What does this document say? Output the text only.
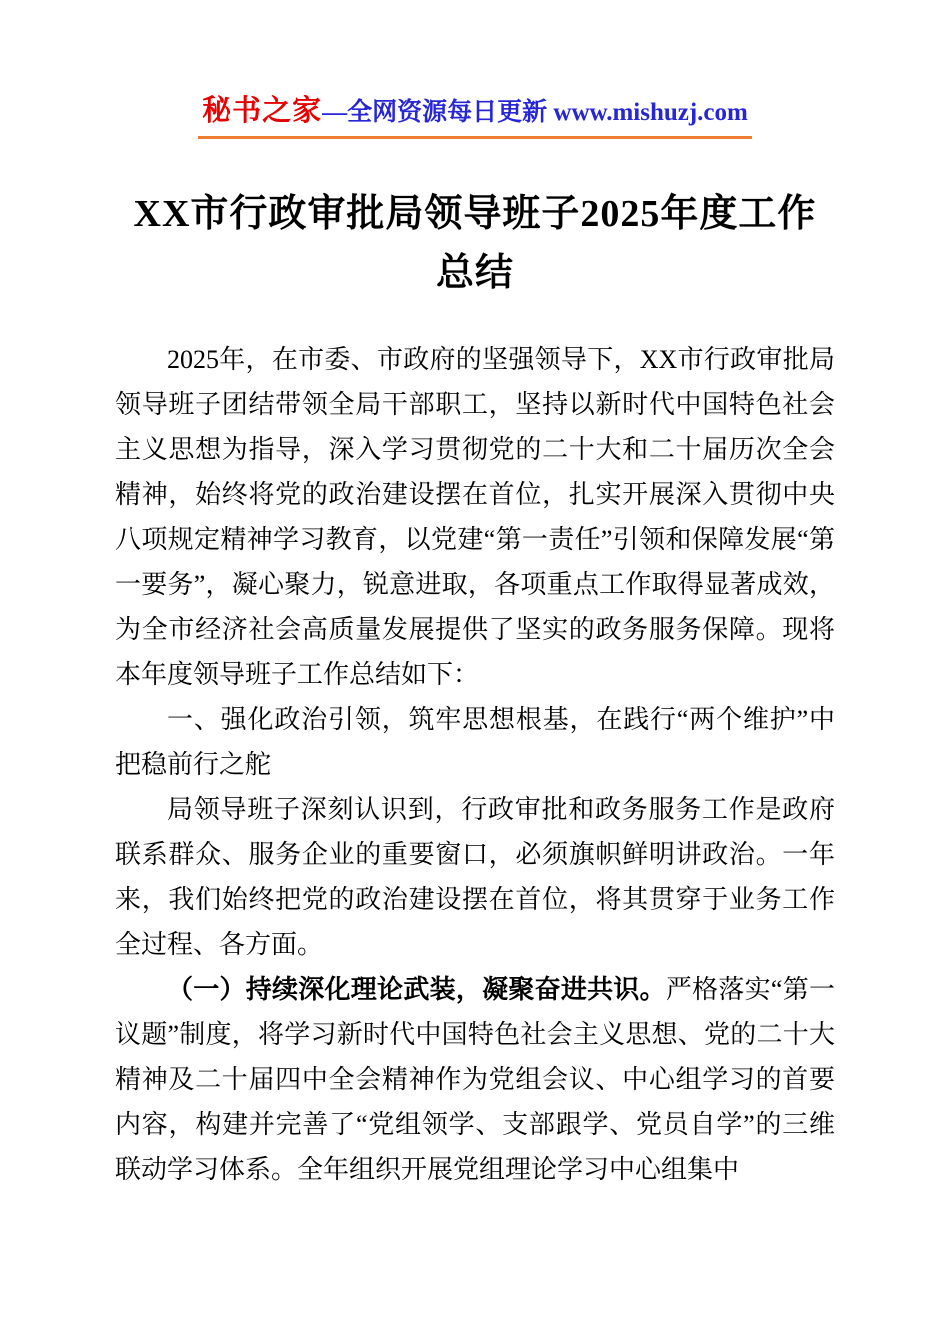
秘书之家—全网资源每日更新 www.mishuzj.com
XX市行政审批局领导班子2025年度工作总结

2025年，在市委、市政府的坚强领导下，XX市行政审批局领导班子团结带领全局干部职工，坚持以新时代中国特色社会主义思想为指导，深入学习贯彻党的二十大和二十届历次全会精神，始终将党的政治建设摆在首位，扎实开展深入贯彻中央八项规定精神学习教育，以党建“第一责任”引领和保障发展“第一要务”，凝心聚力，锐意进取，各项重点工作取得显著成效，为全市经济社会高质量发展提供了坚实的政务服务保障。现将本年度领导班子工作总结如下：

一、强化政治引领，筑牢思想根基，在践行“两个维护”中把稳前行之舵

局领导班子深刻认识到，行政审批和政务服务工作是政府联系群众、服务企业的重要窗口，必须旗帜鲜明讲政治。一年来，我们始终把党的政治建设摆在首位，将其贯穿于业务工作全过程、各方面。

（一）持续深化理论武装，凝聚奋进共识。严格落实“第一议题”制度，将学习新时代中国特色社会主义思想、党的二十大精神及二十届四中全会精神作为党组会议、中心组学习的首要内容，构建并完善了“党组领学、支部跟学、党员自学”的三维联动学习体系。全年组织开展党组理论学习中心组集中
